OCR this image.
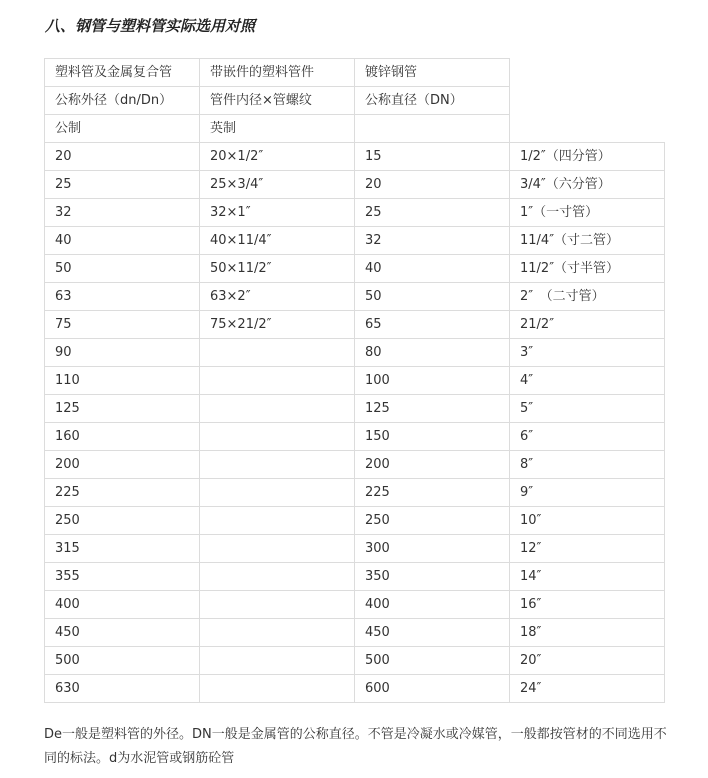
八、钢管与塑料管实际选用对照
塑料管及金属复合管	带嵌件的塑料管件	镀锌钢管	
公称外径（dn/Dn）	管件内径×管螺纹	公称直径（DN）	
公制	英制		
20	20×1/2″	15	1/2″（四分管）
25	25×3/4″	20	3/4″（六分管）
32	32×1″	25	1″（一寸管）
40	40×11/4″	32	11/4″（寸二管）
50	50×11/2″	40	11/2″（寸半管）
63	63×2″	50	2″　（二寸管）
75	75×21/2″	65	21/2″
90		80	3″
110		100	4″
125		125	5″
160		150	6″
200		200	8″
225		225	9″
250		250	10″
315		300	12″
355		350	14″
400		400	16″
450		450	18″
500		500	20″
630		600	24″

De一般是塑料管的外径。DN一般是金属管的公称直径。不管是冷凝水或冷媒管，一般都按管材的不同选用不同的标法。d为水泥管或钢筋砼管
